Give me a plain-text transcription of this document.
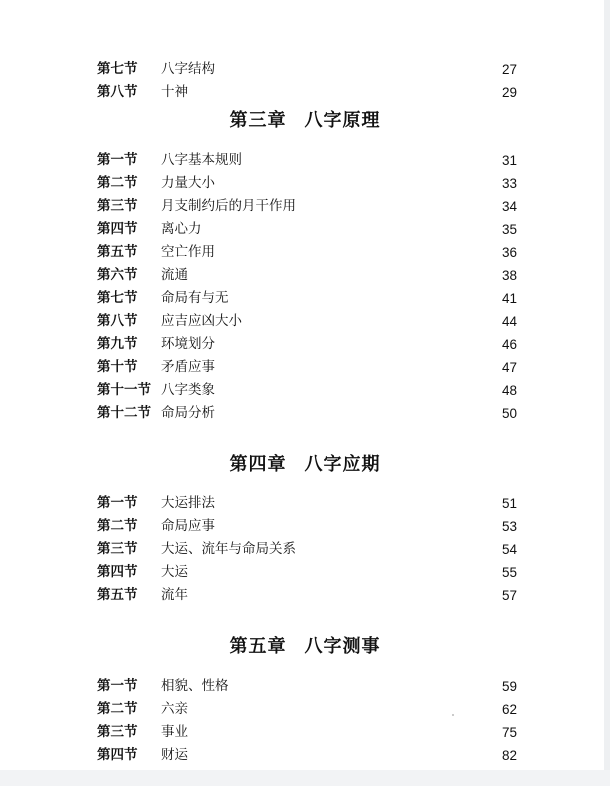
第七节 八字结构	27
第八节 十神	29
第三章 八字原理
第一节 八字基本规则	31
第二节 力量大小	33
第三节 月支制约后的月干作用	34
第四节 离心力	35
第五节 空亡作用	36
第六节 流通	38
第七节 命局有与无	41
第八节 应吉应凶大小	44
第九节 环境划分	46
第十节 矛盾应事	47
第十一节 八字类象	48
第十二节 命局分析	50
第四章 八字应期
第一节 大运排法	51
第二节 命局应事	53
第三节 大运、流年与命局关系	54
第四节 大运	55
第五节 流年	57
第五章 八字测事
第一节 相貌、性格	59
第二节 六亲	62
第三节 事业	75
第四节 财运	82
